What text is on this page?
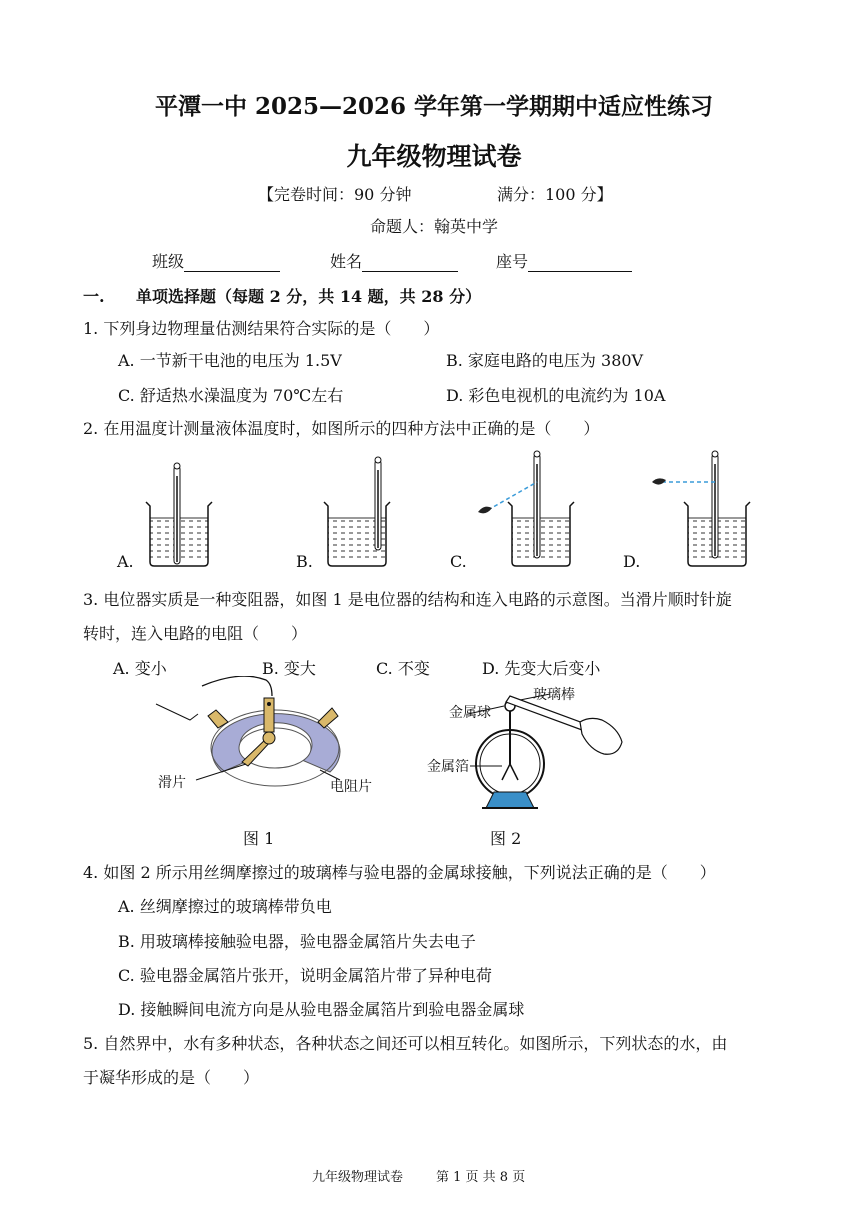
平潭一中 2025—2026 学年第一学期期中适应性练习
九年级物理试卷
【完卷时间：90 分钟	满分：100 分】
命题人：翰英中学
班级	姓名	座号
一. 单项选择题（每题 2 分，共 14 题，共 28 分）
1. 下列身边物理量估测结果符合实际的是（　　）
A. 一节新干电池的电压为 1.5V	B. 家庭电路的电压为 380V
C. 舒适热水澡温度为 70℃左右	D. 彩色电视机的电流约为 10A
2. 在用温度计测量液体温度时，如图所示的四种方法中正确的是（　　）
A.	B.	C.	D.
3. 电位器实质是一种变阻器，如图 1 是电位器的结构和连入电路的示意图。当滑片顺时针旋
转时，连入电路的电阻（　　）
A. 变小	B. 变大	C. 不变	D. 先变大后变小
滑片	电阻片
图 1
玻璃棒
金属球
金属箔
图 2
4. 如图 2 所示用丝绸摩擦过的玻璃棒与验电器的金属球接触，下列说法正确的是（　　）
A. 丝绸摩擦过的玻璃棒带负电
B. 用玻璃棒接触验电器，验电器金属箔片失去电子
C. 验电器金属箔片张开，说明金属箔片带了异种电荷
D. 接触瞬间电流方向是从验电器金属箔片到验电器金属球
5. 自然界中，水有多种状态，各种状态之间还可以相互转化。如图所示，下列状态的水，由
于凝华形成的是（　　）
九年级物理试卷	第 1 页 共 8 页
